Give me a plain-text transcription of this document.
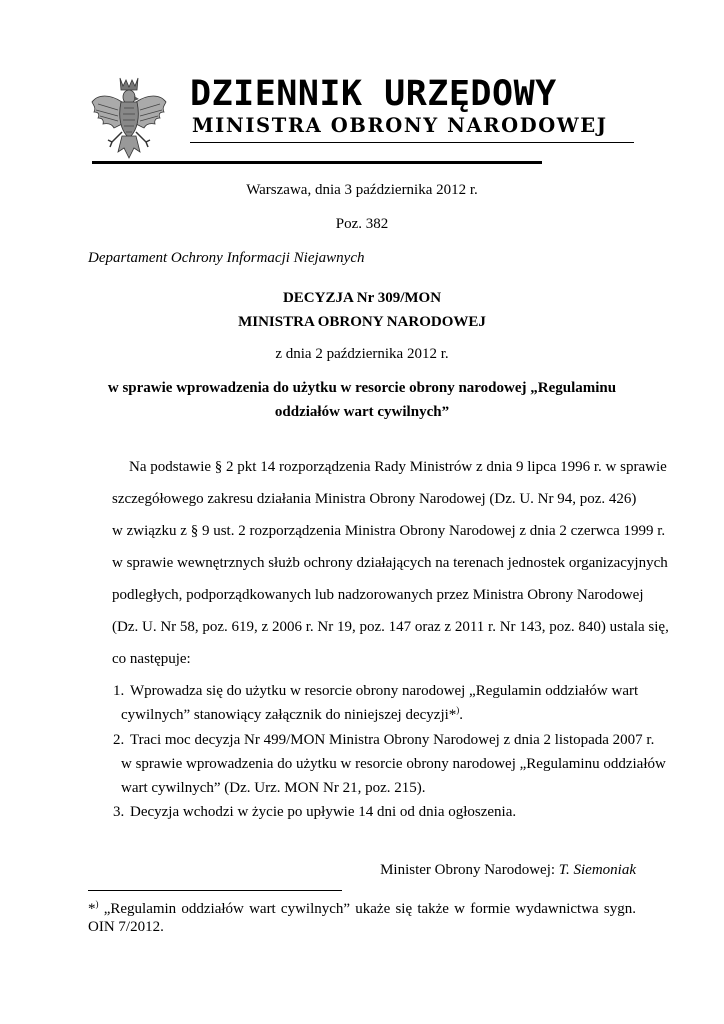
DZIENNIK URZĘDOWY
MINISTRA OBRONY NARODOWEJ
Warszawa, dnia 3 października 2012 r.
Poz. 382
Departament Ochrony Informacji Niejawnych
DECYZJA Nr 309/MON
MINISTRA OBRONY NARODOWEJ
z dnia 2 października 2012 r.
w sprawie wprowadzenia do użytku w resorcie obrony narodowej „Regulaminu
oddziałów wart cywilnych”
Na podstawie § 2 pkt 14 rozporządzenia Rady Ministrów z dnia 9 lipca 1996 r. w sprawie
szczegółowego zakresu działania Ministra Obrony Narodowej (Dz. U. Nr 94, poz. 426)
w związku z § 9 ust. 2 rozporządzenia Ministra Obrony Narodowej z dnia 2 czerwca 1999 r.
w sprawie wewnętrznych służb ochrony działających na terenach jednostek organizacyjnych
podległych, podporządkowanych lub nadzorowanych przez Ministra Obrony Narodowej
(Dz. U. Nr 58, poz. 619, z 2006 r. Nr 19, poz. 147 oraz z 2011 r. Nr 143, poz. 840) ustala się,
co następuje:
1. Wprowadza się do użytku w resorcie obrony narodowej „Regulamin oddziałów wart
cywilnych” stanowiący załącznik do niniejszej decyzji*).
2. Traci moc decyzja Nr 499/MON Ministra Obrony Narodowej z dnia 2 listopada 2007 r.
w sprawie wprowadzenia do użytku w resorcie obrony narodowej „Regulaminu oddziałów
wart cywilnych” (Dz. Urz. MON Nr 21, poz. 215).
3. Decyzja wchodzi w życie po upływie 14 dni od dnia ogłoszenia.
Minister Obrony Narodowej: T. Siemoniak
*) „Regulamin oddziałów wart cywilnych” ukaże się także w formie wydawnictwa sygn.
OIN 7/2012.
